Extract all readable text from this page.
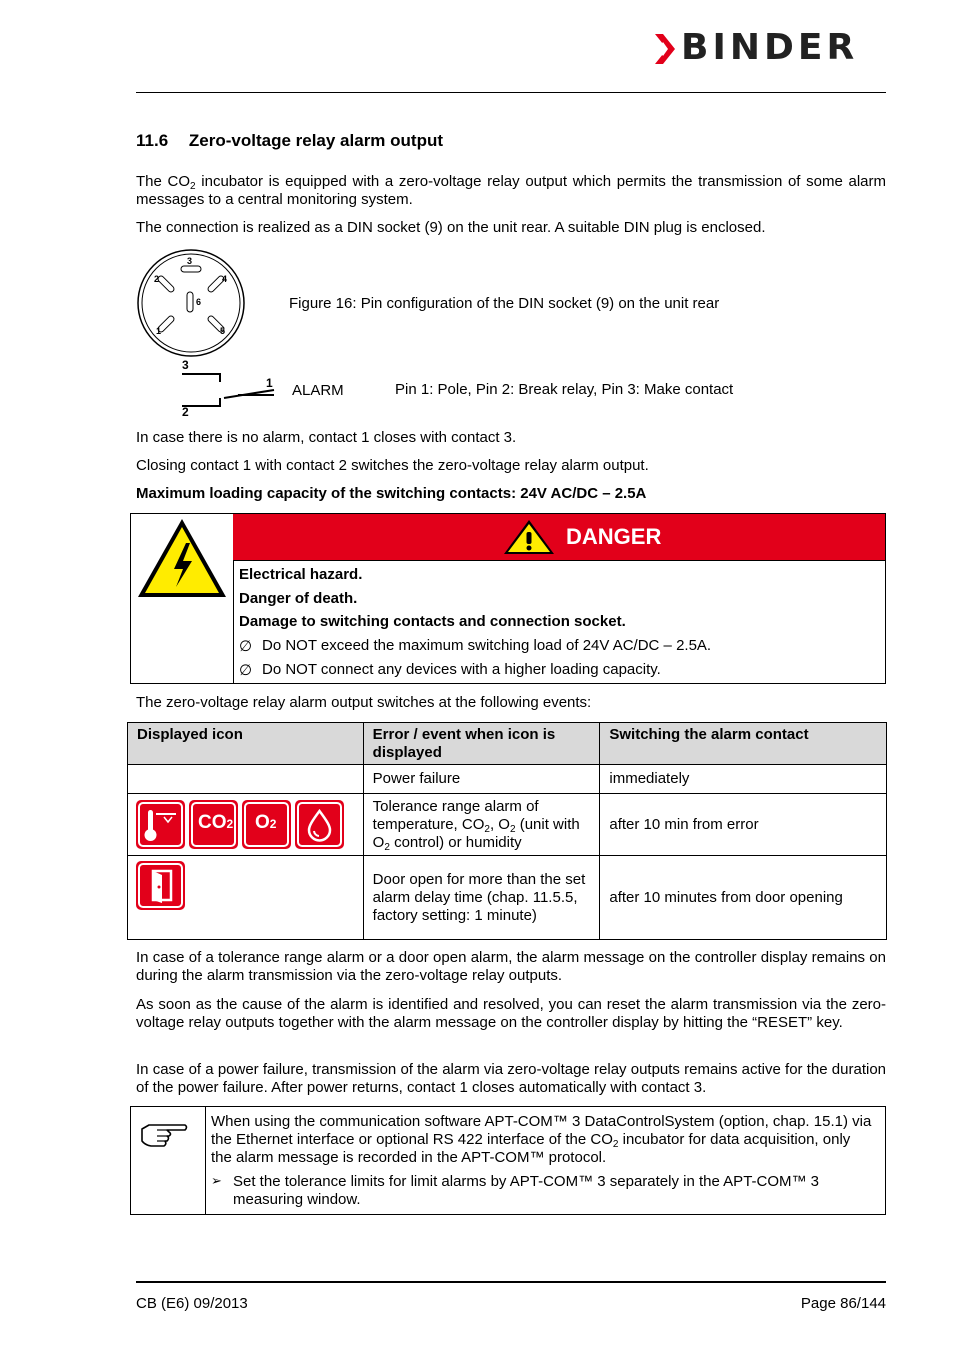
BINDER
11.6 Zero-voltage relay alarm output

The $CO_2$ incubator is equipped with a zero-voltage relay output which permits the transmission of some alarm messages to a central monitoring system.

The connection is realized as a DIN socket (9) on the unit rear. A suitable DIN plug is enclosed.

3
2	4
6
1	5
Figure 16: Pin configuration of the DIN socket (9) on the unit rear
3
1
2
ALARM	Pin 1: Pole, Pin 2: Break relay, Pin 3: Make contact

In case there is no alarm, contact 1 closes with contact 3.

Closing contact 1 with contact 2 switches the zero-voltage relay alarm output.

Maximum loading capacity of the switching contacts: 24V AC/DC – 2.5A

DANGER
Electrical hazard.
Danger of death.
Damage to switching contacts and connection socket.
∅ Do NOT exceed the maximum switching load of 24V AC/DC – 2.5A.
∅ Do NOT connect any devices with a higher loading capacity.

The zero-voltage relay alarm output switches at the following events:

Displayed icon	Error / event when icon is displayed	Switching the alarm contact
	Power failure	immediately

CO2 O2	Tolerance range alarm of temperature, $CO_2$, $O_2$ (unit with $O_2$ control) or humidity	after 10 min from error
	Door open for more than the set alarm delay time (chap. 11.5.5, factory setting: 1 minute)	after 10 minutes from door opening

In case of a tolerance range alarm or a door open alarm, the alarm message on the controller display remains on during the alarm transmission via the zero-voltage relay outputs.

As soon as the cause of the alarm is identified and resolved, you can reset the alarm transmission via the zero-voltage relay outputs together with the alarm message on the controller display by hitting the “RESET” key.

In case of a power failure, transmission of the alarm via zero-voltage relay outputs remains active for the duration of the power failure. After power returns, contact 1 closes automatically with contact 3.

When using the communication software APT-COM™ 3 DataControlSystem (option, chap. 15.1) via the Ethernet interface or optional RS 422 interface of the $CO_2$ incubator for data acquisition, only the alarm message is recorded in the APT-COM™ protocol.

➢ Set the tolerance limits for limit alarms by APT-COM™ 3 separately in the APT-COM™ 3 measuring window.
CB (E6) 09/2013	Page 86/144
